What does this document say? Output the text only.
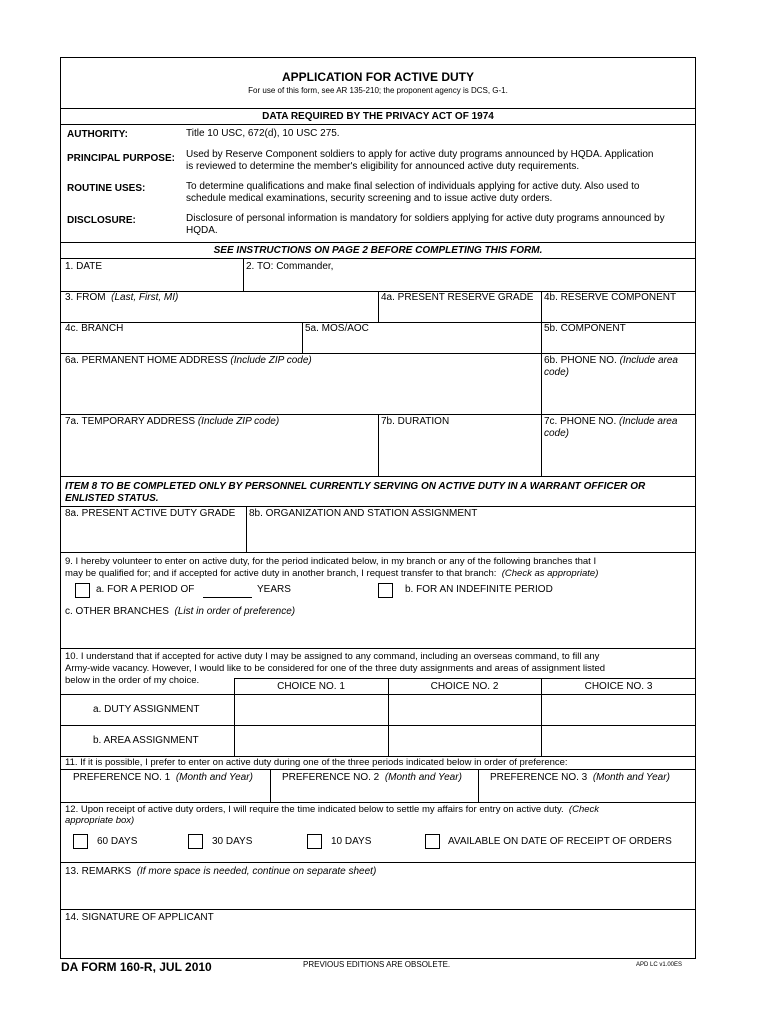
APPLICATION FOR ACTIVE DUTY
For use of this form, see AR 135-210; the proponent agency is DCS, G-1.
DATA REQUIRED BY THE PRIVACY ACT OF 1974
AUTHORITY:	Title 10 USC, 672(d), 10 USC 275.
PRINCIPAL PURPOSE: Used by Reserve Component soldiers to apply for active duty programs announced by HQDA. Application
is reviewed to determine the member's eligibility for announced active duty requirements.
ROUTINE USES:	To determine qualifications and make final selection of individuals applying for active duty. Also used to
schedule medical examinations, security screening and to issue active duty orders.
DISCLOSURE:	Disclosure of personal information is mandatory for soldiers applying for active duty programs announced by
HQDA.
SEE INSTRUCTIONS ON PAGE 2 BEFORE COMPLETING THIS FORM.
1. DATE	2. TO: Commander,
3. FROM (Last, First, MI)	4a. PRESENT RESERVE GRADE 4b. RESERVE COMPONENT
4c. BRANCH	5a. MOS/AOC	5b. COMPONENT
6a. PERMANENT HOME ADDRESS (Include ZIP code)	6b. PHONE NO. (Include area
code)
7a. TEMPORARY ADDRESS (Include ZIP code)	7b. DURATION	7c. PHONE NO. (Include area
code)
ITEM 8 TO BE COMPLETED ONLY BY PERSONNEL CURRENTLY SERVING ON ACTIVE DUTY IN A WARRANT OFFICER OR
ENLISTED STATUS.
8a. PRESENT ACTIVE DUTY GRADE 8b. ORGANIZATION AND STATION ASSIGNMENT
9. I hereby volunteer to enter on active duty, for the period indicated below, in my branch or any of the following branches that I
may be qualified for; and if accepted for active duty in another branch, I request transfer to that branch: (Check as appropriate)
a. FOR A PERIOD OF	YEARS	b. FOR AN INDEFINITE PERIOD
c. OTHER BRANCHES (List in order of preference)
10. I understand that if accepted for active duty I may be assigned to any command, including an overseas command, to fill any
Army-wide vacancy. However, I would like to be considered for one of the three duty assignments and areas of assignment listed
below in the order of my choice.
CHOICE NO. 1	CHOICE NO. 2	CHOICE NO. 3
a. DUTY ASSIGNMENT
b. AREA ASSIGNMENT
11. If it is possible, I prefer to enter on active duty during one of the three periods indicated below in order of preference:
PREFERENCE NO. 1 (Month and Year)	PREFERENCE NO. 2 (Month and Year)	PREFERENCE NO. 3 (Month and Year)
12. Upon receipt of active duty orders, I will require the time indicated below to settle my affairs for entry on active duty. (Check
appropriate box)
60 DAYS	30 DAYS	10 DAYS	AVAILABLE ON DATE OF RECEIPT OF ORDERS
13. REMARKS (If more space is needed, continue on separate sheet)
14. SIGNATURE OF APPLICANT
DA FORM 160-R, JUL 2010	PREVIOUS EDITIONS ARE OBSOLETE.	APD LC v1.00ES
